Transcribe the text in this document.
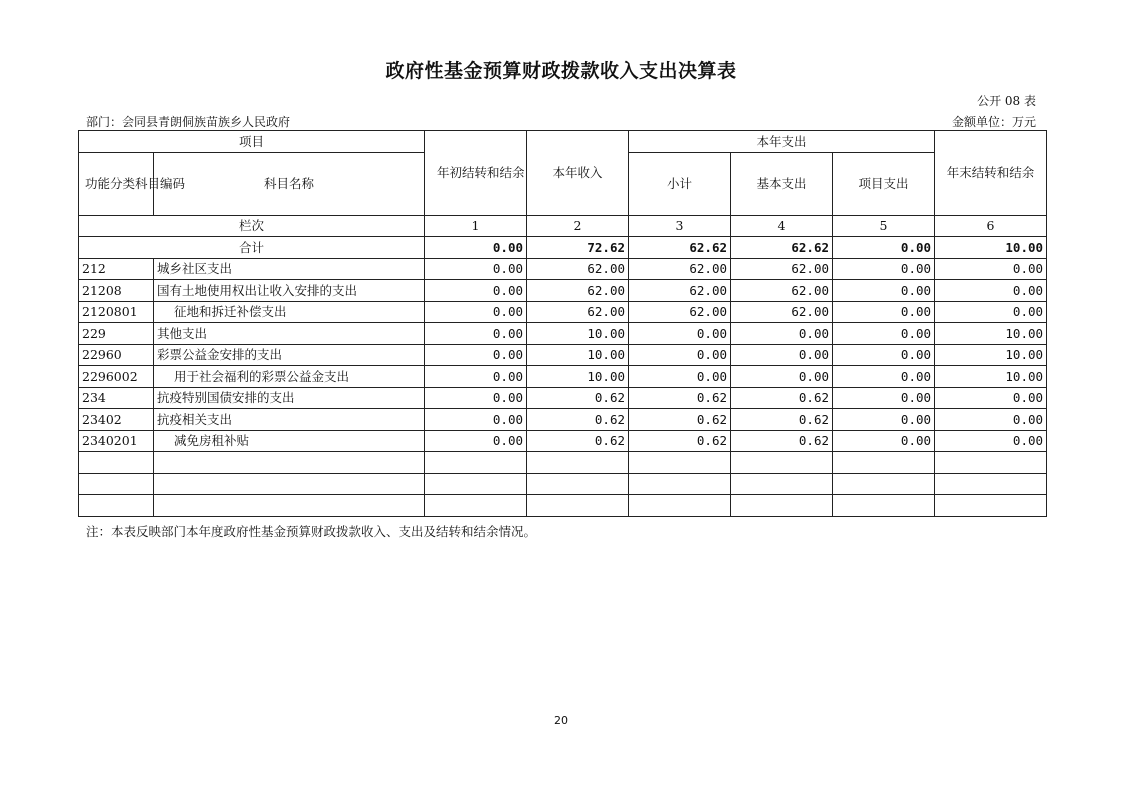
政府性基金预算财政拨款收入支出决算表
公开 08 表
部门：会同县青朗侗族苗族乡人民政府	金额单位：万元
项目		年初结转和结余	本年收入	本年支出			年末结转和结余
功能分类科目编码	科目名称			小计	基本支出	项目支出	
栏次		1	2	3	4	5	6
合计		0.00	72.62	62.62	62.62	0.00	10.00
212	城乡社区支出	0.00	62.00	62.00	62.00	0.00	0.00
21208	国有土地使用权出让收入安排的支出	0.00	62.00	62.00	62.00	0.00	0.00
2120801	征地和拆迁补偿支出	0.00	62.00	62.00	62.00	0.00	0.00
229	其他支出	0.00	10.00	0.00	0.00	0.00	10.00
22960	彩票公益金安排的支出	0.00	10.00	0.00	0.00	0.00	10.00
2296002	用于社会福利的彩票公益金支出	0.00	10.00	0.00	0.00	0.00	10.00
234	抗疫特别国债安排的支出	0.00	0.62	0.62	0.62	0.00	0.00
23402	抗疫相关支出	0.00	0.62	0.62	0.62	0.00	0.00
2340201	减免房租补贴	0.00	0.62	0.62	0.62	0.00	0.00

注：本表反映部门本年度政府性基金预算财政拨款收入、支出及结转和结余情况。
20
